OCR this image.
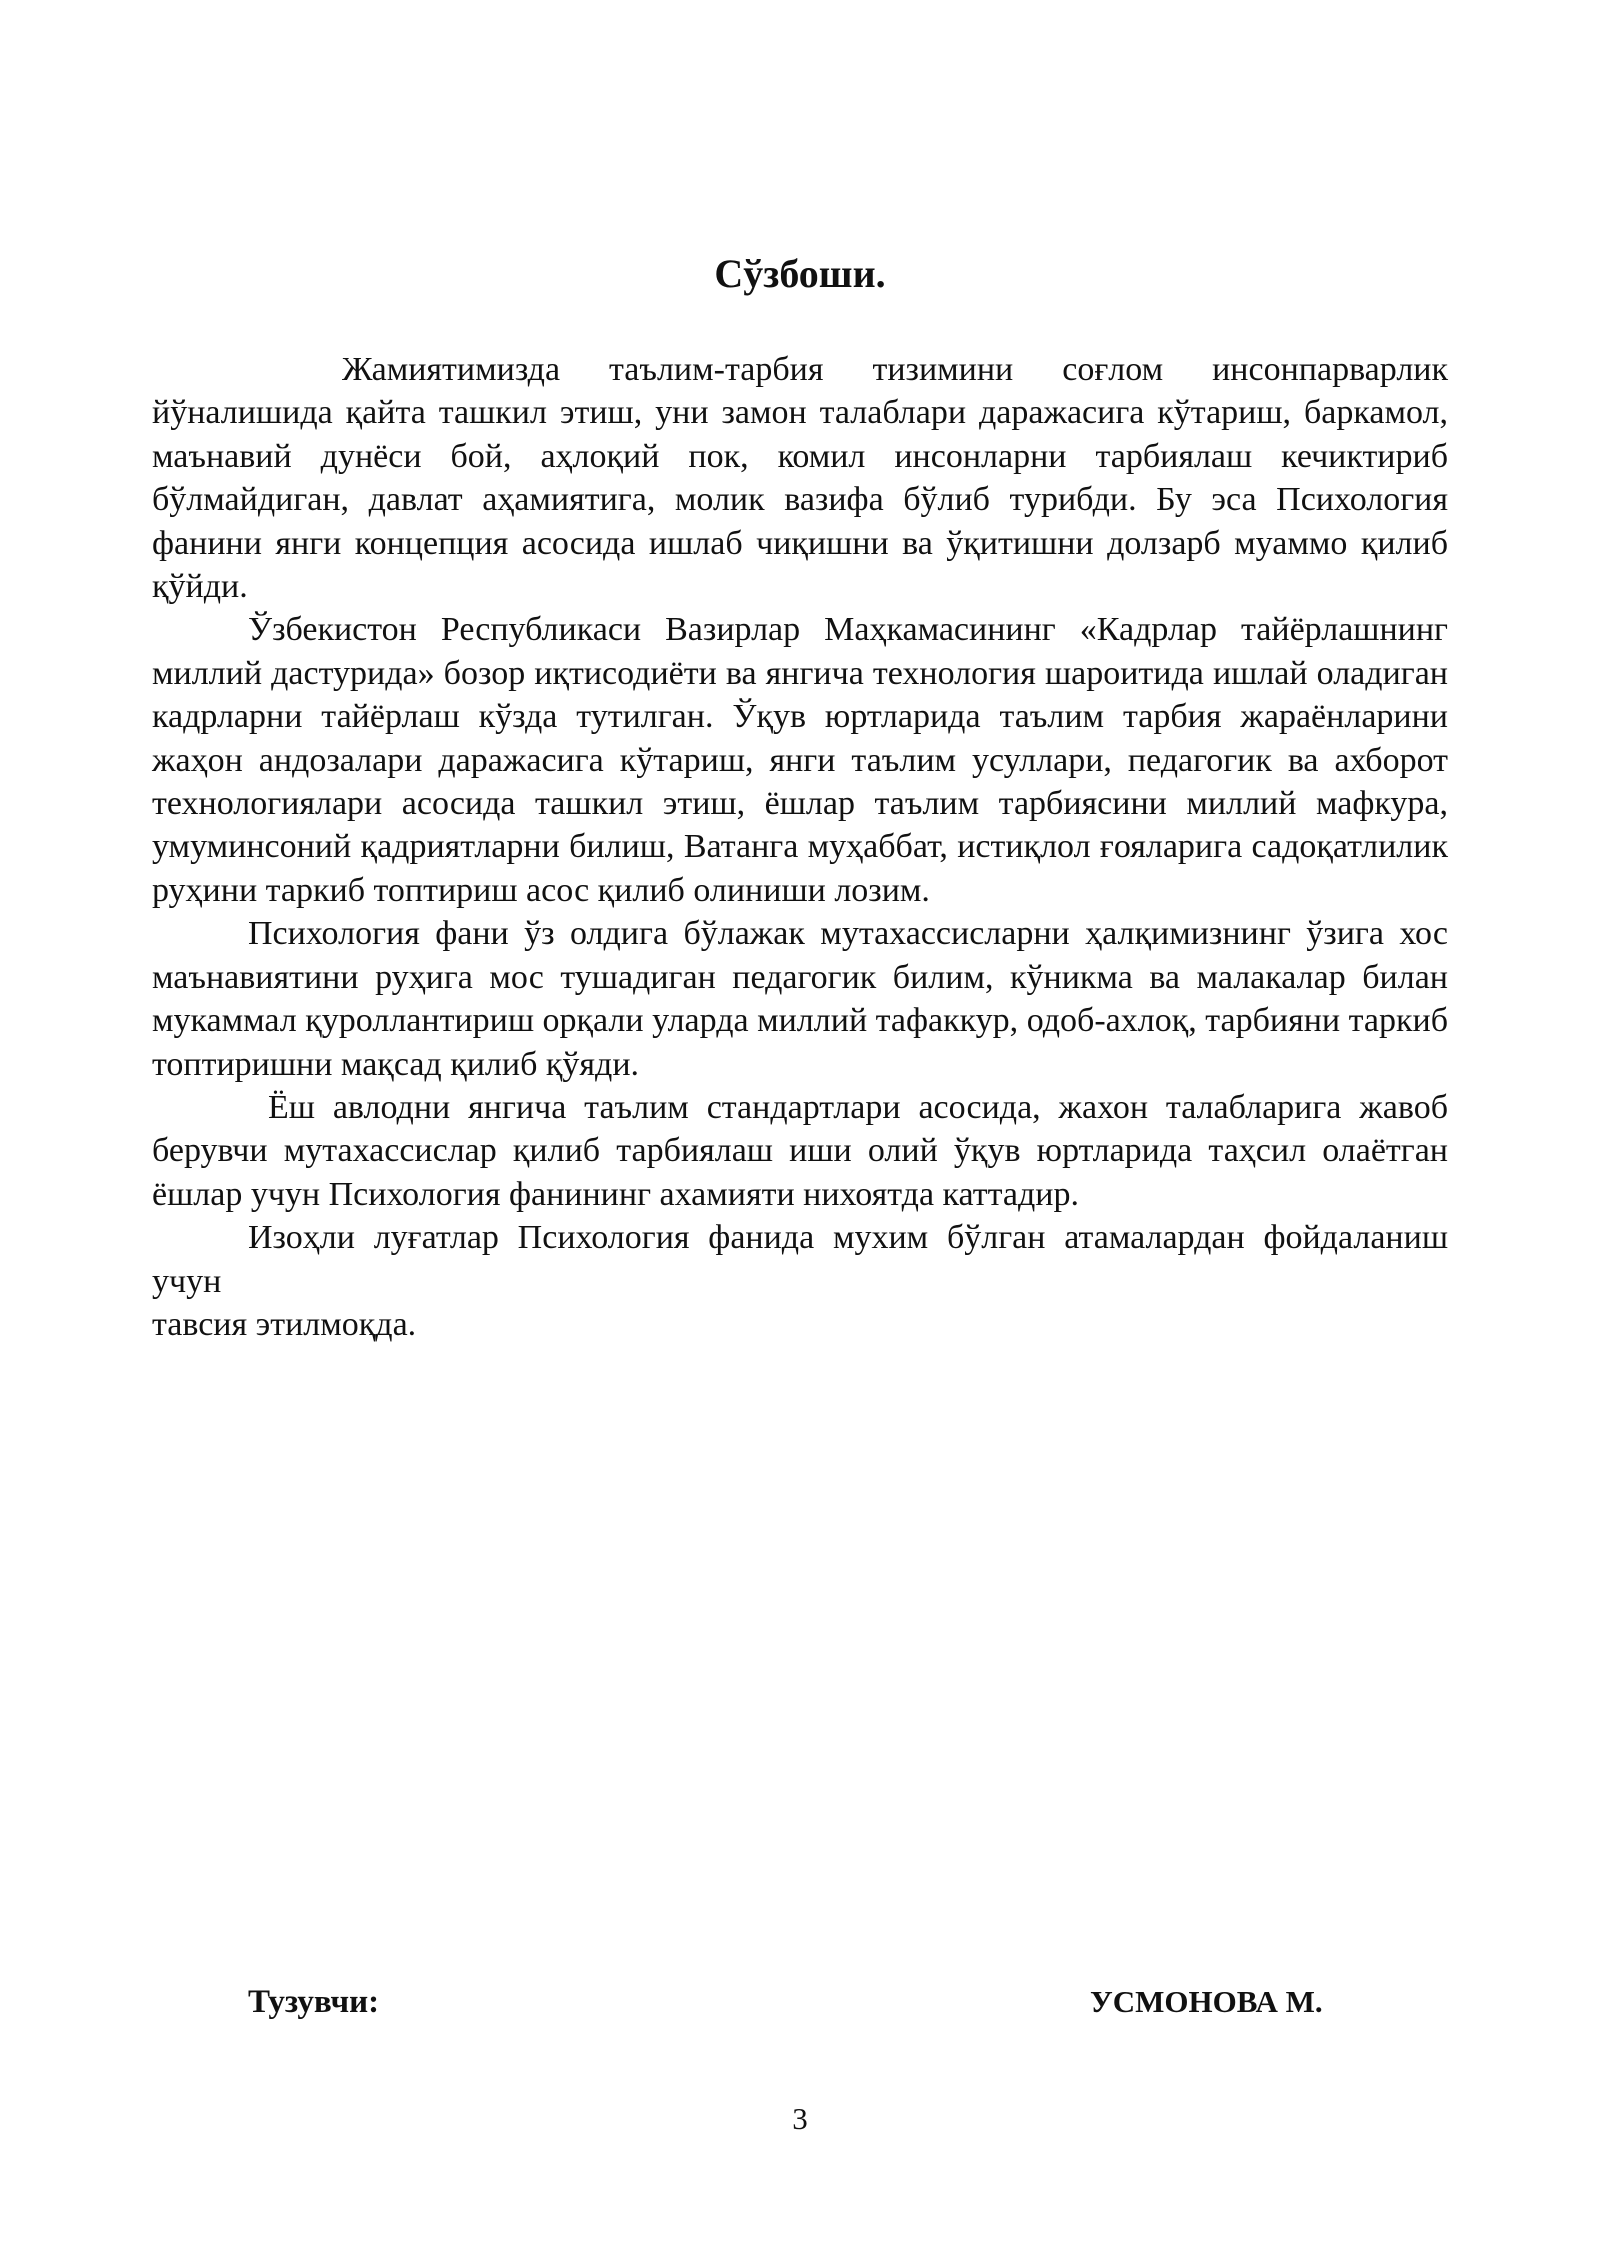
Сўзбоши.

Жамиятимизда таълим-тарбия тизимини соғлом инсонпарварлик йўналишида қайта ташкил этиш, уни замон талаблари даражасига кўтариш, баркамол, маънавий дунёси бой, аҳлоқий пок, комил инсонларни тарбиялаш кечиктириб бўлмайдиган, давлат аҳамиятига, молик вазифа бўлиб турибди. Бу эса Психология фанини янги концепция асосида ишлаб чиқишни ва ўқитишни долзарб муаммо қилиб қўйди.

Ўзбекистон Республикаси Вазирлар Маҳкамасининг «Кадрлар тайёрлашнинг миллий дастурида» бозор иқтисодиёти ва янгича технология шароитида ишлай оладиган кадрларни тайёрлаш кўзда тутилган. Ўқув юртларида таълим тарбия жараёнларини жаҳон андозалари даражасига кўтариш, янги таълим усуллари, педагогик ва ахборот технологиялари асосида ташкил этиш, ёшлар таълим тарбиясини миллий мафкура, умуминсоний қадриятларни билиш, Ватанга муҳаббат, истиқлол ғояларига садоқатлилик руҳини таркиб топтириш асос қилиб олиниши лозим.

Психология фани ўз олдига бўлажак мутахассисларни ҳалқимизнинг ўзига хос маънавиятини руҳига мос тушадиган педагогик билим, кўникма ва малакалар билан мукаммал қуроллантириш орқали уларда миллий тафаккур, одоб-ахлоқ, тарбияни таркиб топтиришни мақсад қилиб қўяди.

Ёш авлодни янгича таълим стандартлари асосида, жахон талабларига жавоб берувчи мутахассислар қилиб тарбиялаш иши олий ўқув юртларида таҳсил олаётган ёшлар учун Психология фанининг ахамияти нихоятда каттадир.

Изоҳли луғатлар Психология фанида мухим бўлган атамалардан фойдаланиш учун

тавсия этилмоқда.

Тузувчи:	УСМОНОВА М.
3
